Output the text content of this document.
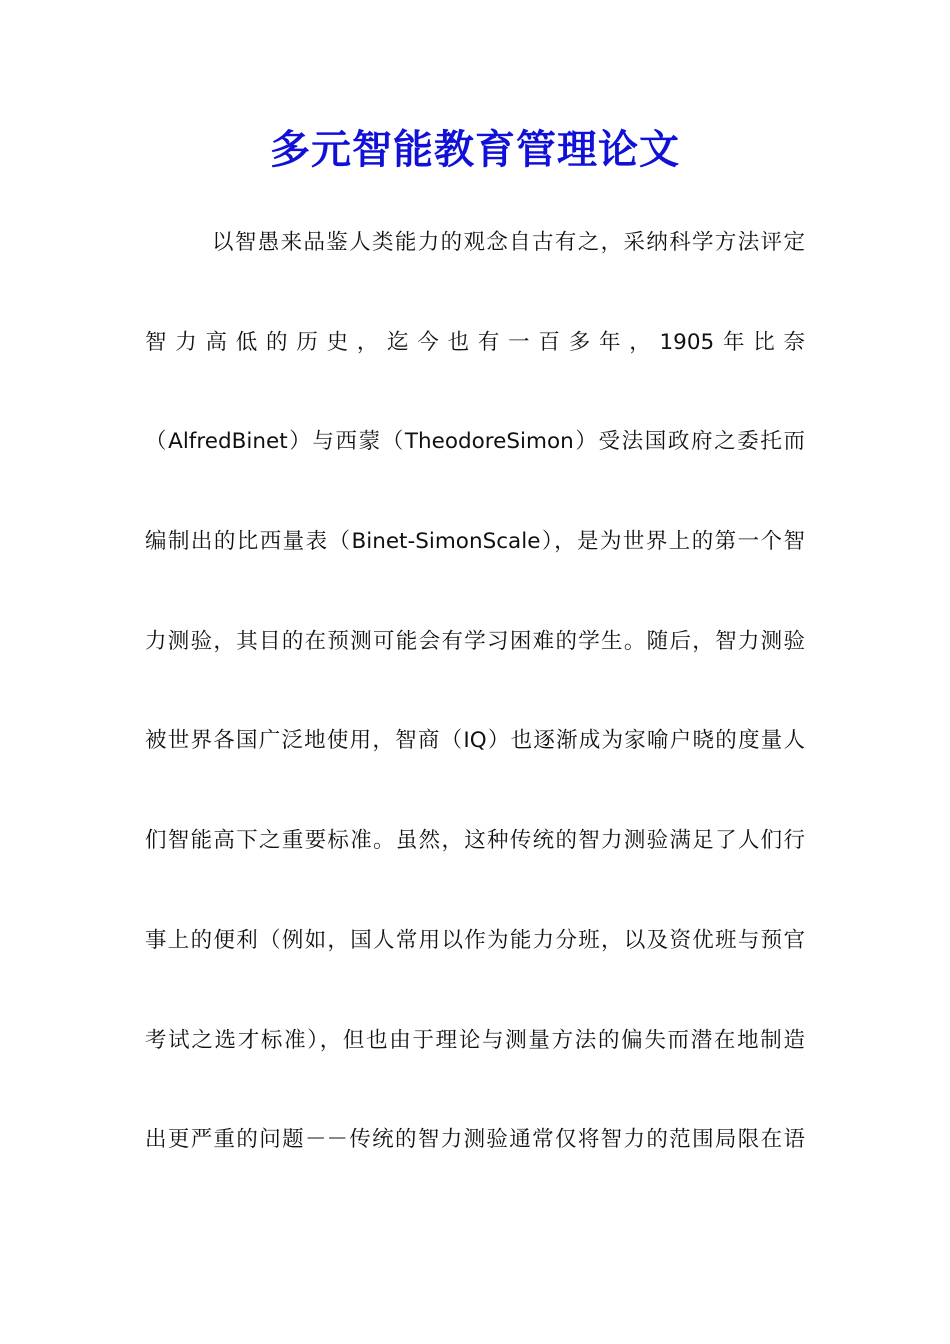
多元智能教育管理论文
以智愚来品鉴人类能力的观念自古有之，采纳科学方法评定
智力高低的历史，迄今也有一百多年，1905年比奈
（AlfredBinet）与西蒙（TheodoreSimon）受法国政府之委托而
编制出的比西量表（Binet-SimonScale），是为世界上的第一个智
力测验，其目的在预测可能会有学习困难的学生。随后，智力测验
被世界各国广泛地使用，智商（IQ）也逐渐成为家喻户晓的度量人
们智能高下之重要标准。虽然，这种传统的智力测验满足了人们行
事上的便利（例如，国人常用以作为能力分班，以及资优班与预官
考试之选才标准），但也由于理论与测量方法的偏失而潜在地制造
出更严重的问题－－传统的智力测验通常仅将智力的范围局限在语
